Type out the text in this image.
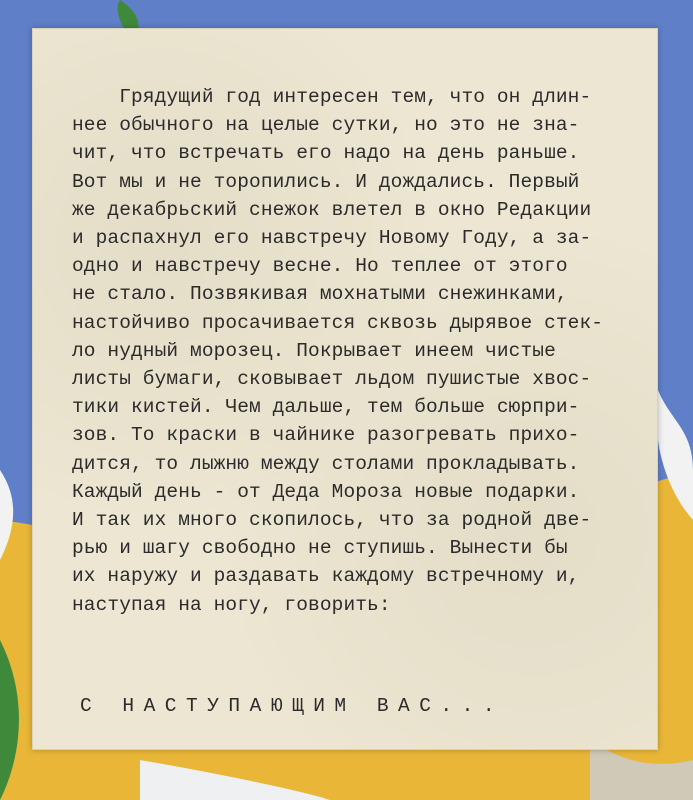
Грядущий год интересен тем, что он длин-
нее обычного на целые сутки, но это не зна-
чит, что встречать его надо на день раньше.
Вот мы и не торопились. И дождались. Первый
же декабрьский снежок влетел в окно Редакции
и распахнул его навстречу Новому Году, а за-
одно и навстречу весне. Но теплее от этого
не стало. Позвякивая мохнатыми снежинками,
настойчиво просачивается сквозь дырявое стек-
ло нудный морозец. Покрывает инеем чистые
листы бумаги, сковывает льдом пушистые хвос-
тики кистей. Чем дальше, тем больше сюрпри-
зов. То краски в чайнике разогревать прихо-
дится, то лыжню между столами прокладывать.
Каждый день - от Деда Мороза новые подарки.
И так их много скопилось, что за родной две-
рью и шагу свободно не ступишь. Вынести бы
их наружу и раздавать каждому встречному и,
наступая на ногу, говорить:
С НАСТУПАЮЩИМ ВАС...
